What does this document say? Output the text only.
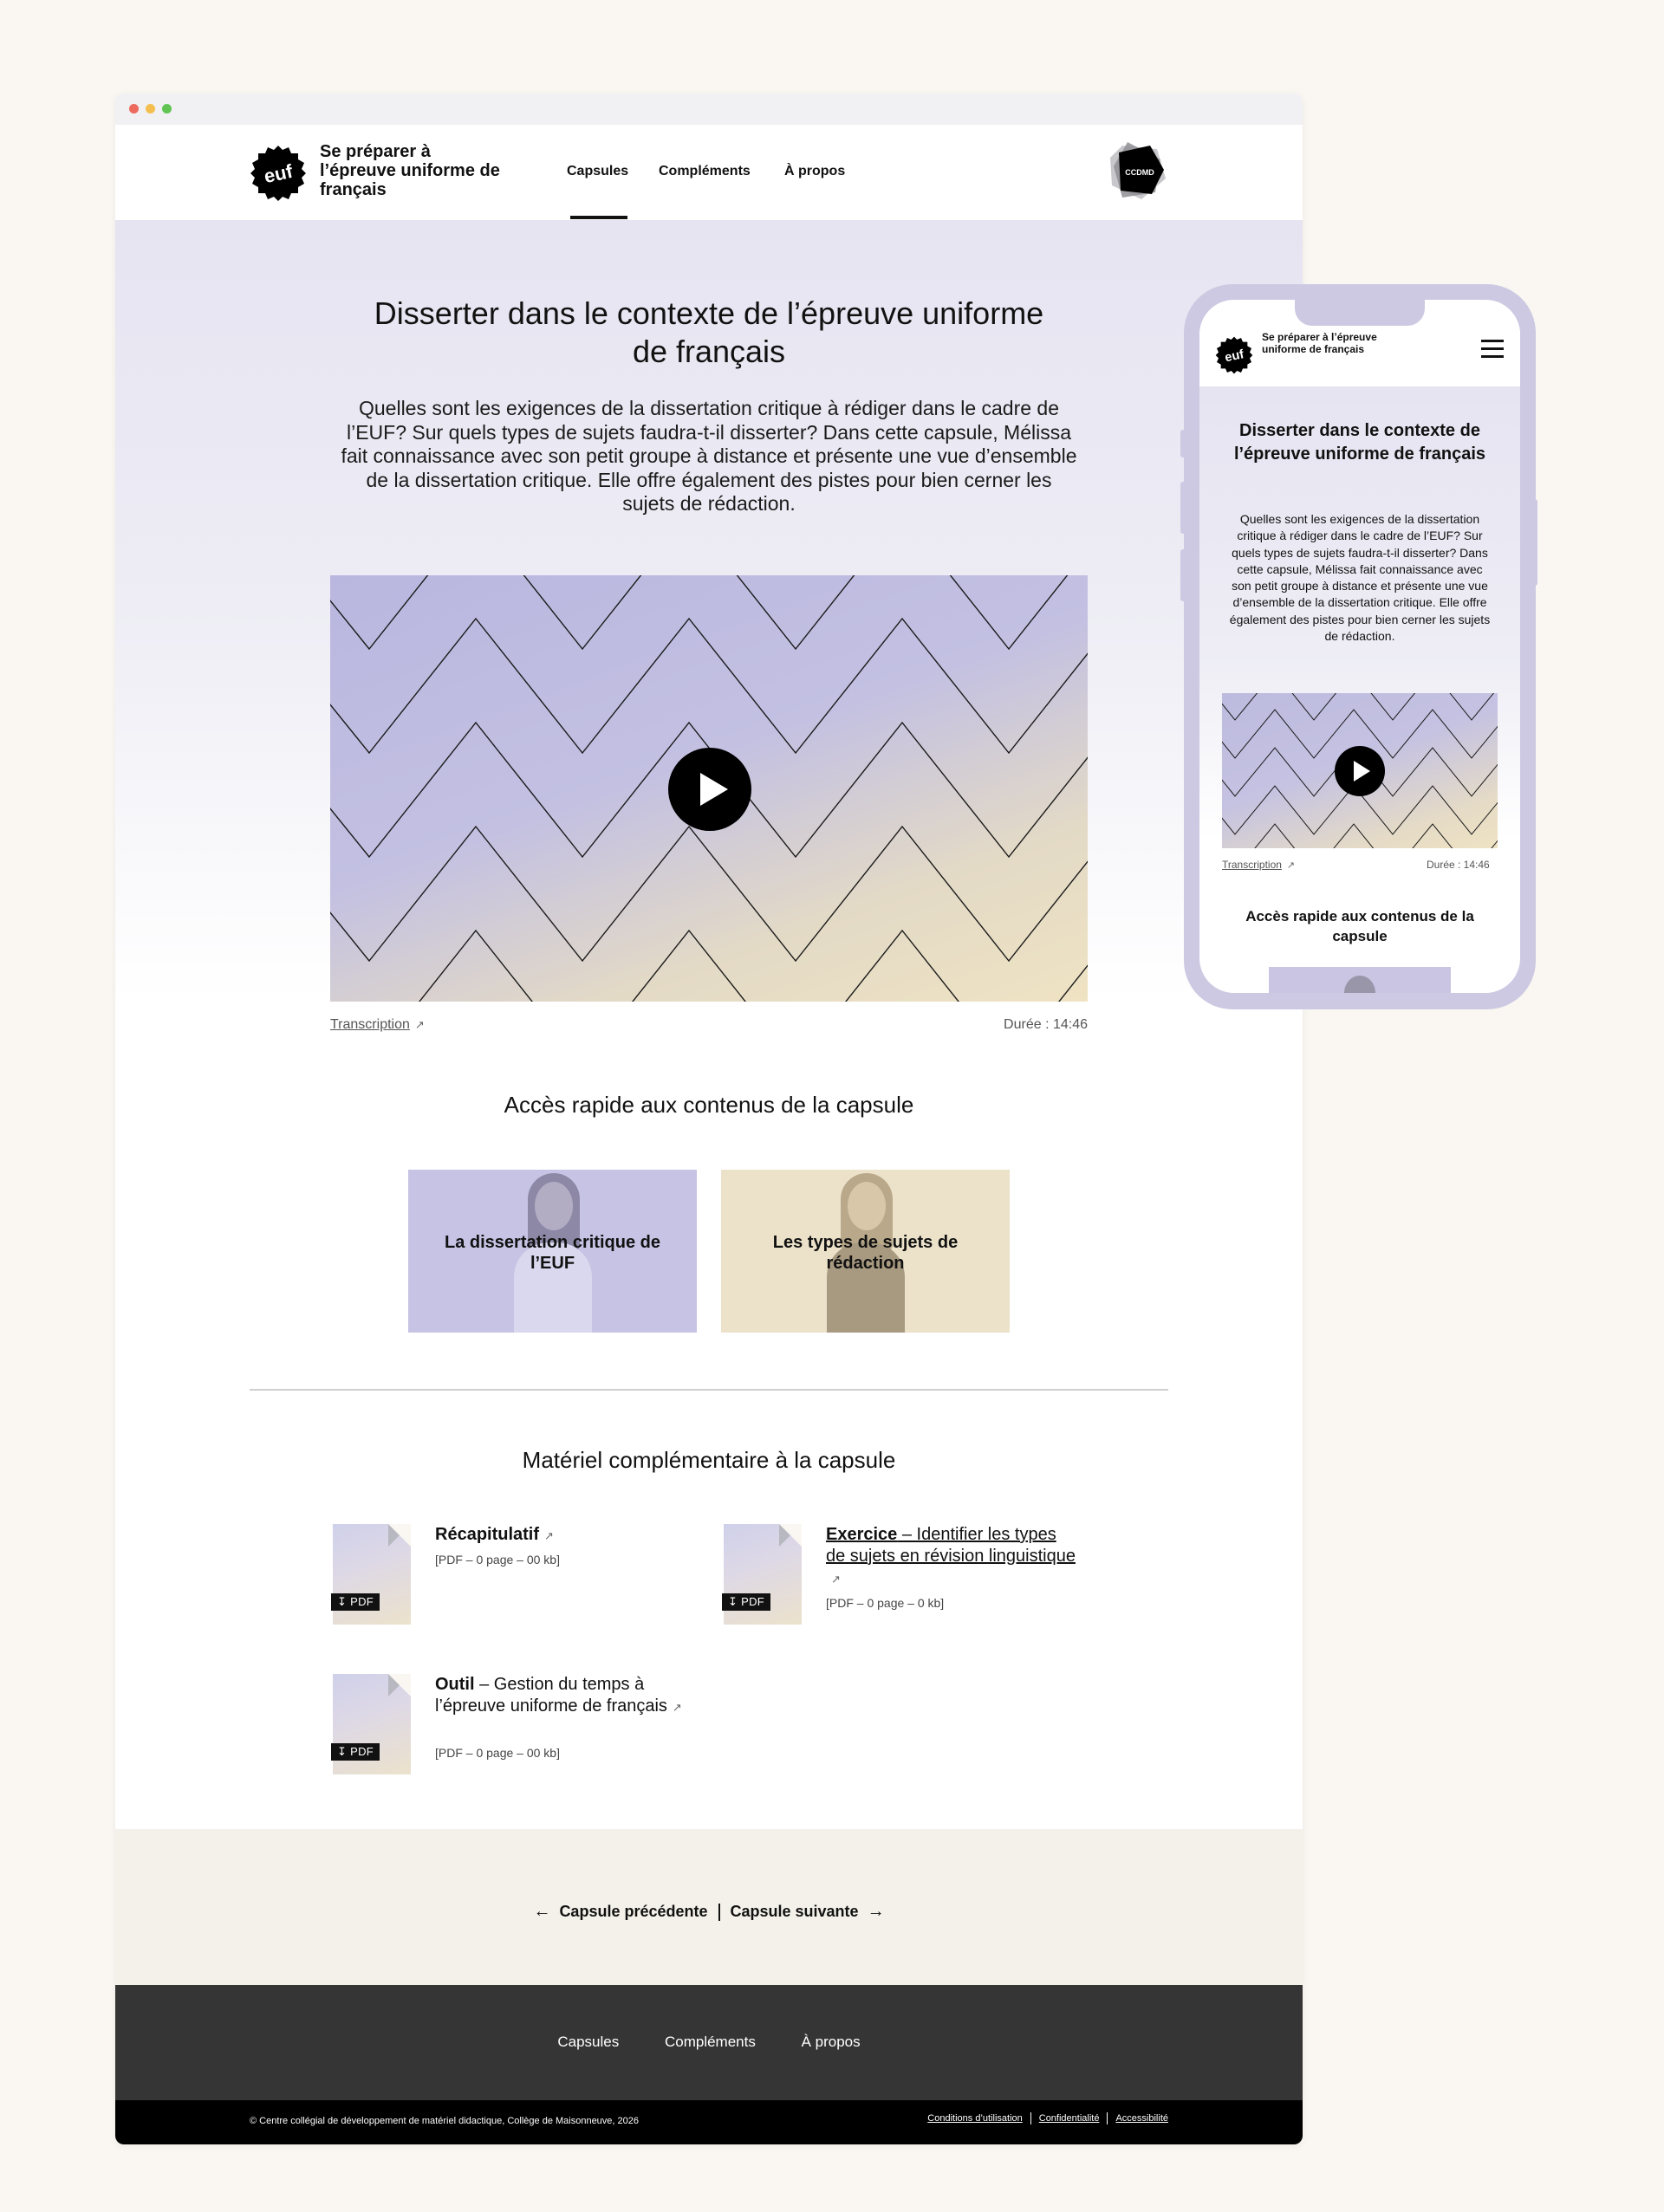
euf
Se préparer à l’épreuve uniforme de français
Capsules Compléments À propos	CCDMD
Disserter dans le contexte de l’épreuve uniforme de français

Quelles sont les exigences de la dissertation critique à rédiger dans le cadre de l’EUF? Sur quels types de sujets faudra‑t‑il disserter? Dans cette capsule, Mélissa fait connaissance avec son petit groupe à distance et présente une vue d’ensemble de la dissertation critique. Elle offre également des pistes pour bien cerner les sujets de rédaction.

Transcription ↗	Durée : 14:46
Accès rapide aux contenus de la capsule
La dissertation critique de l’EUF
Les types de sujets de rédaction
Matériel complémentaire à la capsule
↧ PDF
Récapitulatif ↗
[PDF – 0 page – 00 kb]
↧ PDF
Exercice – Identifier les types de sujets en révision linguistique↗
[PDF – 0 page – 0 kb]
↧ PDF
Outil – Gestion du temps à l’épreuve uniforme de français ↗
[PDF – 0 page – 00 kb]
← Capsule précédente Capsule suivante →
Capsules	Compléments	À propos
© Centre collégial de développement de matériel didactique, Collège de Maisonneuve, 2026	Conditions d’utilisation Confidentialité Accessibilité
euf
Se préparer à l’épreuve uniforme de français
Disserter dans le contexte de l’épreuve uniforme de français

Quelles sont les exigences de la dissertation critique à rédiger dans le cadre de l’EUF? Sur quels types de sujets faudra‑t‑il disserter? Dans cette capsule, Mélissa fait connaissance avec son petit groupe à distance et présente une vue d’ensemble de la dissertation critique. Elle offre également des pistes pour bien cerner les sujets de rédaction.

Transcription ↗	Durée : 14:46
Accès rapide aux contenus de la capsule
